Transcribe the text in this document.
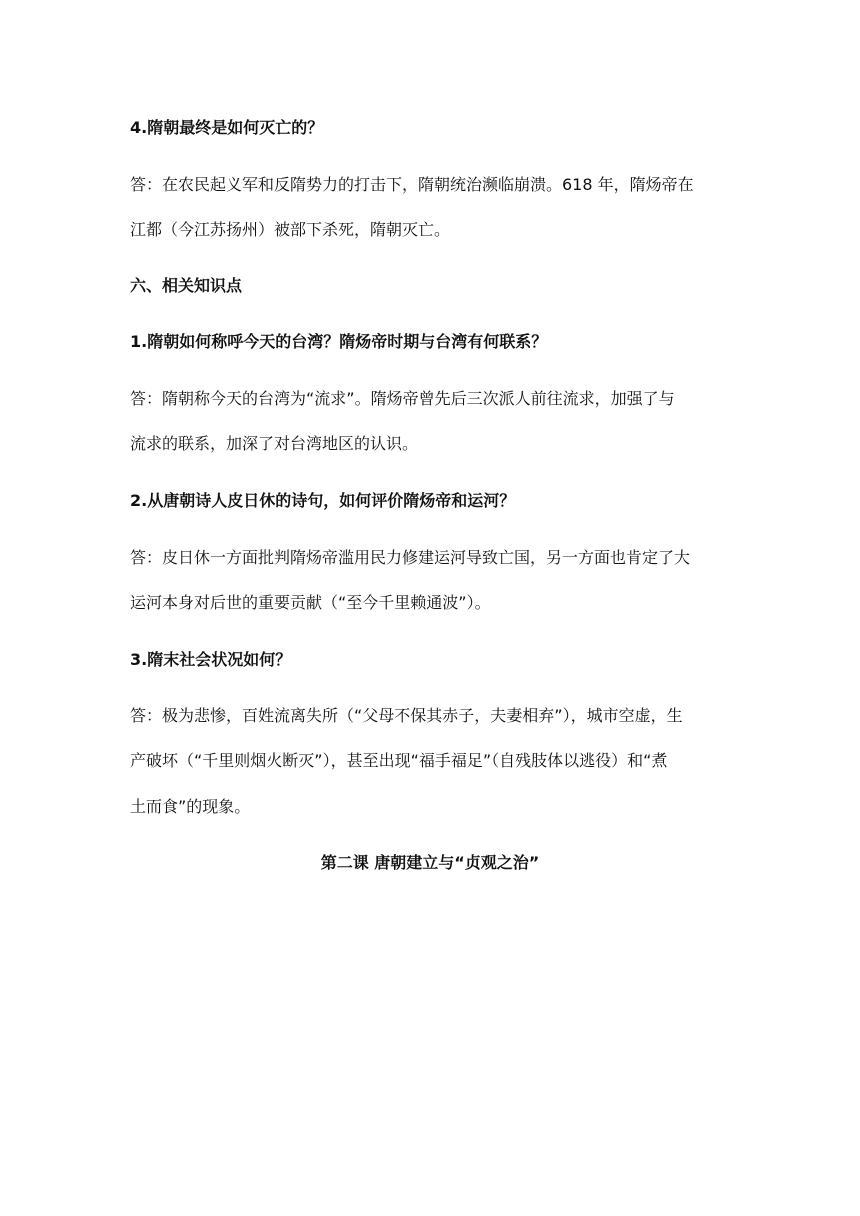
4.隋朝最终是如何灭亡的？
答：在农民起义军和反隋势力的打击下，隋朝统治濒临崩溃。618 年，隋炀帝在
江都（今江苏扬州）被部下杀死，隋朝灭亡。
六、相关知识点
1.隋朝如何称呼今天的台湾？隋炀帝时期与台湾有何联系？
答：隋朝称今天的台湾为“流求”。隋炀帝曾先后三次派人前往流求，加强了与
流求的联系，加深了对台湾地区的认识。
2.从唐朝诗人皮日休的诗句，如何评价隋炀帝和运河？
答：皮日休一方面批判隋炀帝滥用民力修建运河导致亡国，另一方面也肯定了大
运河本身对后世的重要贡献（“至今千里赖通波”）。
3.隋末社会状况如何？
答：极为悲惨，百姓流离失所（“父母不保其赤子，夫妻相弃”），城市空虚，生
产破坏（“千里则烟火断灭”），甚至出现“福手福足”（自残肢体以逃役）和“煮
土而食”的现象。
第二课 唐朝建立与“贞观之治”
